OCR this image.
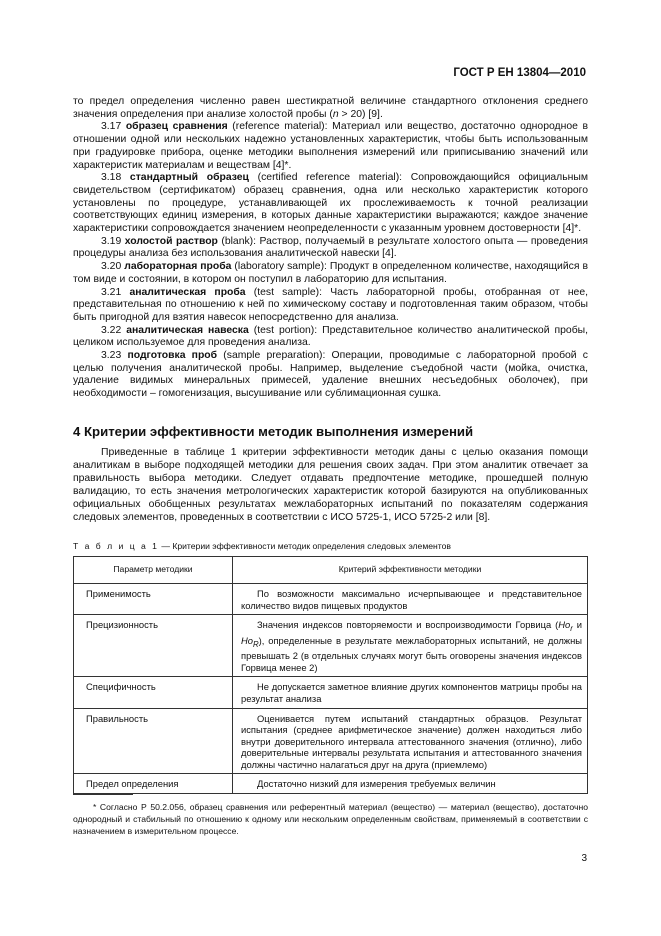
ГОСТ Р ЕН 13804—2010

то предел определения численно равен шестикратной величине стандартного отклонения среднего значения определения при анализе холостой пробы (n > 20) [9].

3.17 образец сравнения (reference material): Материал или вещество, достаточно однородное в отношении одной или нескольких надежно установленных характеристик, чтобы быть использованным при градуировке прибора, оценке методики выполнения измерений или приписыванию значений или характеристик материалам и веществам [4]*.

3.18 стандартный образец (certified reference material): Сопровождающийся официальным свидетельством (сертификатом) образец сравнения, одна или несколько характеристик которого установлены по процедуре, устанавливающей их прослеживаемость к точной реализации соответствующих единиц измерения, в которых данные характеристики выражаются; каждое значение характеристики сопровождается значением неопределенности с указанным уровнем достоверности [4]*.

3.19 холостой раствор (blank): Раствор, получаемый в результате холостого опыта — проведения процедуры анализа без использования аналитической навески [4].

3.20 лабораторная проба (laboratory sample): Продукт в определенном количестве, находящийся в том виде и состоянии, в котором он поступил в лабораторию для испытания.

3.21 аналитическая проба (test sample): Часть лабораторной пробы, отобранная от нее, представительная по отношению к ней по химическому составу и подготовленная таким образом, чтобы быть пригодной для взятия навесок непосредственно для анализа.

3.22 аналитическая навеска (test portion): Представительное количество аналитической пробы, целиком используемое для проведения анализа.

3.23 подготовка проб (sample preparation): Операции, проводимые с лабораторной пробой с целью получения аналитической пробы. Например, выделение съедобной части (мойка, очистка, удаление видимых минеральных примесей, удаление внешних несъедобных оболочек), при необходимости – гомогенизация, высушивание или сублимационная сушка.

4 Критерии эффективности методик выполнения измерений

Приведенные в таблице 1 критерии эффективности методик даны с целью оказания помощи аналитикам в выборе подходящей методики для решения своих задач. При этом аналитик отвечает за правильность выбора методики. Следует отдавать предпочтение методике, прошедшей полную валидацию, то есть значения метрологических характеристик которой базируются на опубликованных официальных обобщенных результатах межлабораторных испытаний по показателям содержания следовых элементов, проведенных в соответствии с ИСО 5725-1, ИСО 5725-2 или [8].

Т а б л и ц а 1 — Критерии эффективности методик определения следовых элементов
Параметр методики	Критерий эффективности методики
Применимость	По возможности максимально исчерпывающее и представительное количество видов пищевых продуктов
Прецизионность	Значения индексов повторяемости и воспроизводимости Горвица ($Ho_r$ и $Ho_R$), определенные в результате межлабораторных испытаний, не должны превышать 2 (в отдельных случаях могут быть оговорены значения индексов Горвица менее 2)
Специфичность	Не допускается заметное влияние других компонентов матрицы пробы на результат анализа
Правильность	Оценивается путем испытаний стандартных образцов. Результат испытания (среднее арифметическое значение) должен находиться либо внутри доверительного интервала аттестованного значения (отлично), либо доверительные интервалы результата испытания и аттестованного значения должны частично налагаться друг на друга (приемлемо)
Предел определения	Достаточно низкий для измерения требуемых величин

* Согласно Р 50.2.056, образец сравнения или референтный материал (вещество) — материал (вещество), достаточно однородный и стабильный по отношению к одному или нескольким определенным свойствам, применяемый в соответствии с назначением в измерительном процессе.

3
